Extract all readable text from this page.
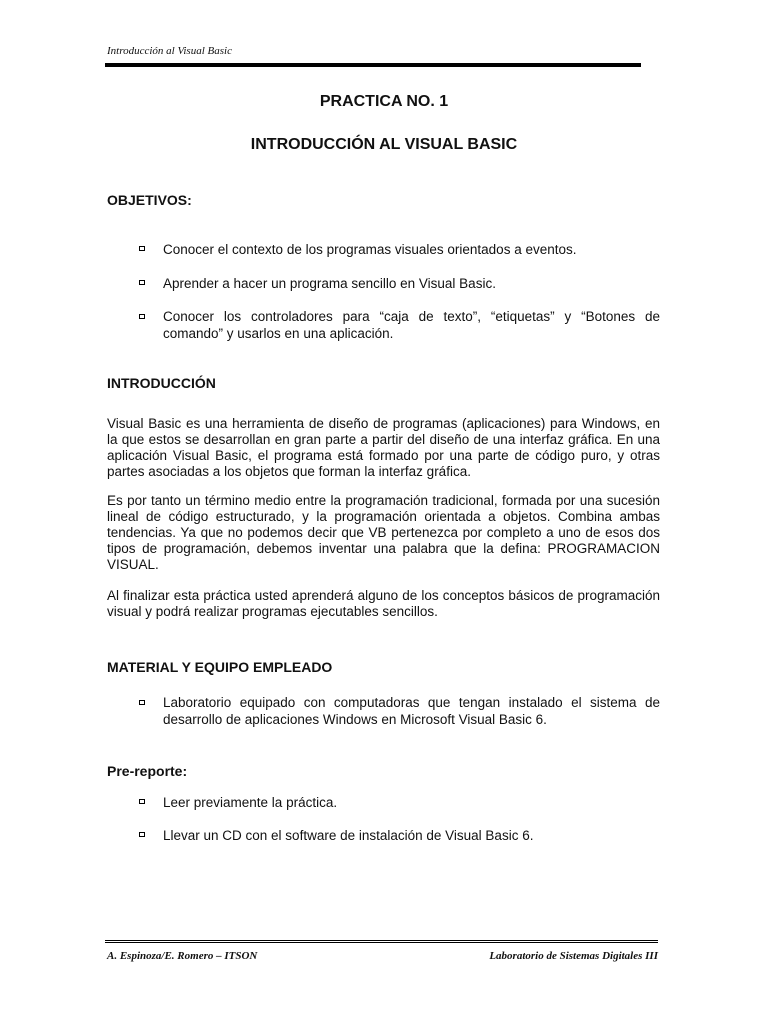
Introducción al Visual Basic
PRACTICA NO. 1
INTRODUCCIÓN AL VISUAL BASIC
OBJETIVOS:
Conocer el contexto de los programas visuales orientados a eventos.
Aprender a hacer un programa sencillo en Visual Basic.
Conocer los controladores para “caja de texto”, “etiquetas” y “Botones de comando” y usarlos en una aplicación.
INTRODUCCIÓN
Visual Basic es una herramienta de diseño de programas (aplicaciones) para Windows, en la que estos se desarrollan en gran parte a partir del diseño de una interfaz gráfica. En una aplicación Visual Basic, el programa está formado por una parte de código puro, y otras partes asociadas a los objetos que forman la interfaz gráfica.
Es por tanto un término medio entre la programación tradicional, formada por una sucesión lineal de código estructurado, y la programación orientada a objetos. Combina ambas tendencias. Ya que no podemos decir que VB pertenezca por completo a uno de esos dos tipos de programación, debemos inventar una palabra que la defina: PROGRAMACION VISUAL.
Al finalizar esta práctica usted aprenderá alguno de los conceptos básicos de programación visual y podrá realizar programas ejecutables sencillos.
MATERIAL Y EQUIPO EMPLEADO
Laboratorio equipado con computadoras que tengan instalado el sistema de desarrollo de aplicaciones Windows en Microsoft Visual Basic 6.
Pre-reporte:
Leer previamente la práctica.
Llevar un CD con el software de instalación de Visual Basic 6.
A. Espinoza/E. Romero – ITSON	Laboratorio de Sistemas Digitales III
